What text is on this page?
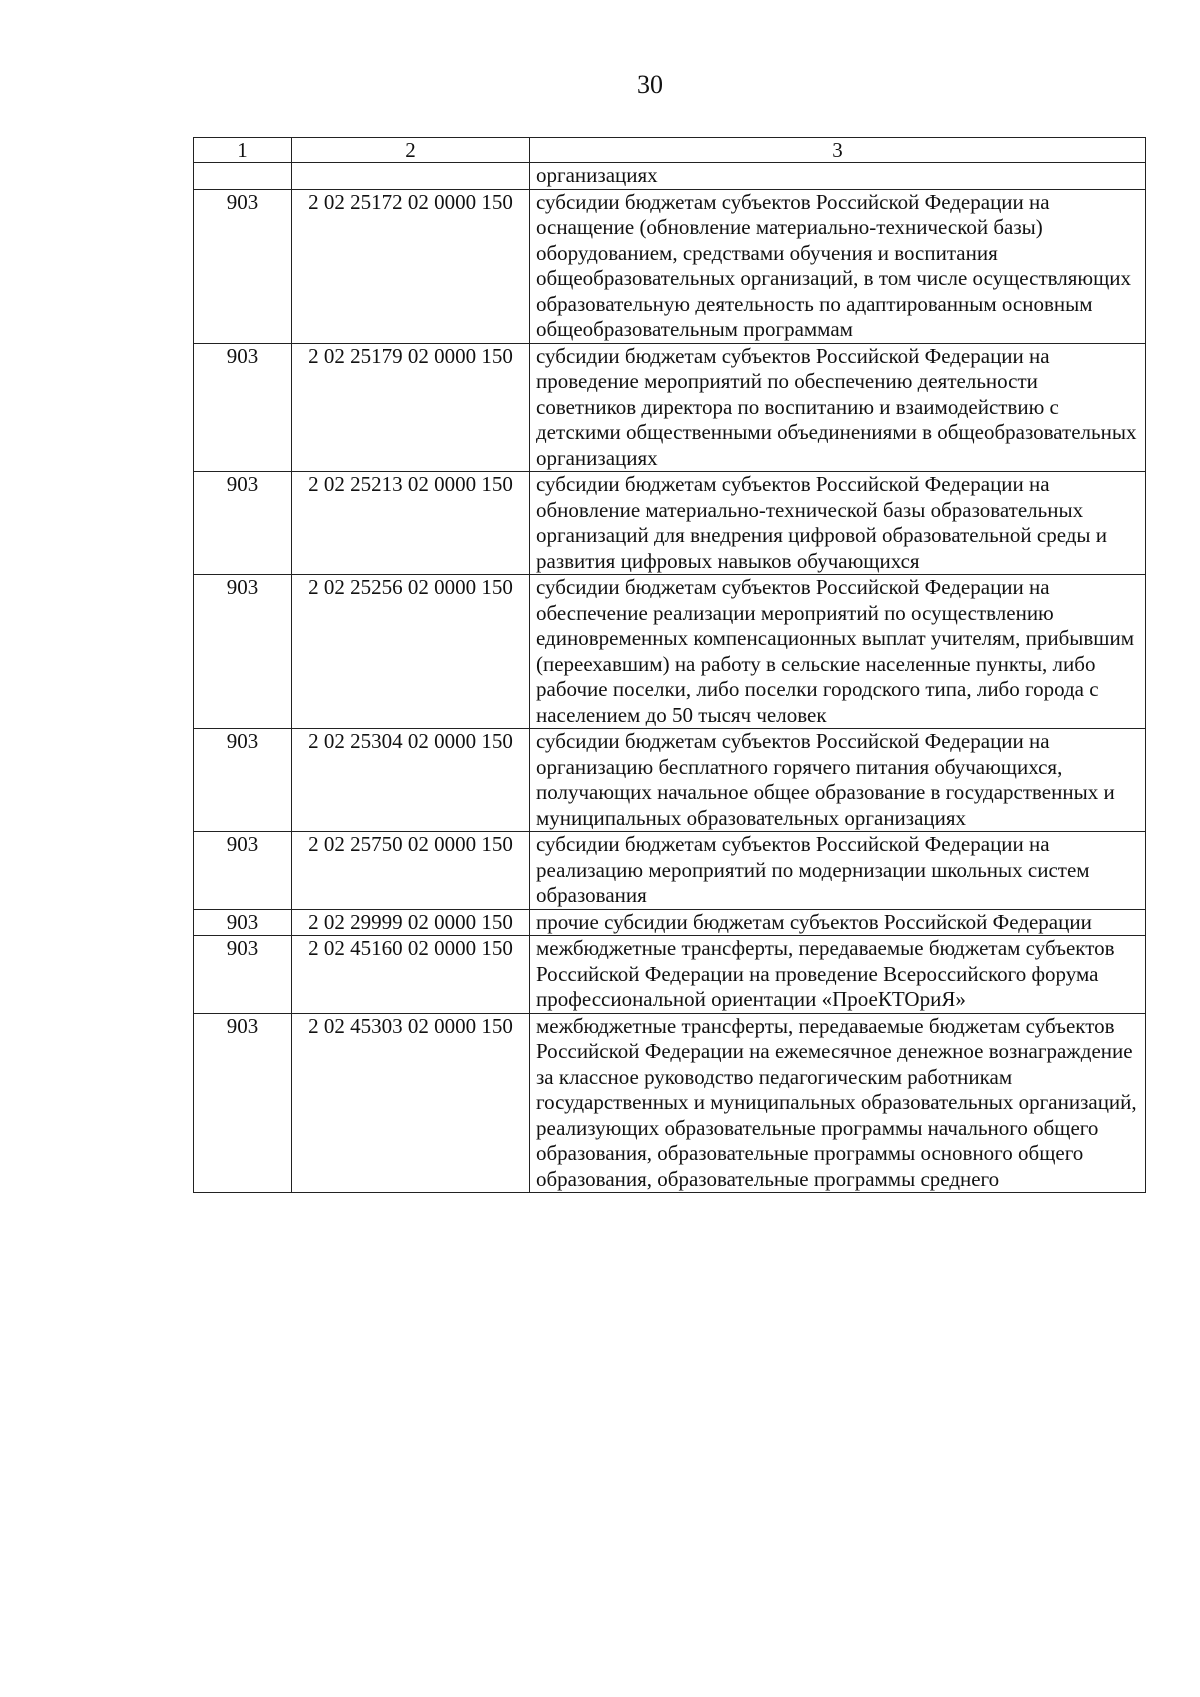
30
1	2	3
		организациях
903	2 02 25172 02 0000 150	субсидии бюджетам субъектов Российской Федерации на оснащение (обновление материально-технической базы) оборудованием, средствами обучения и воспитания общеобразовательных организаций, в том числе осуществляющих образовательную деятельность по адаптированным основным общеобразовательным программам
903	2 02 25179 02 0000 150	субсидии бюджетам субъектов Российской Федерации на проведение мероприятий по обеспечению деятельности советников директора по воспитанию и взаимодействию с детскими общественными объединениями в общеобразовательных организациях
903	2 02 25213 02 0000 150	субсидии бюджетам субъектов Российской Федерации на обновление материально-технической базы образовательных организаций для внедрения цифровой образовательной среды и развития цифровых навыков обучающихся
903	2 02 25256 02 0000 150	субсидии бюджетам субъектов Российской Федерации на обеспечение реализации мероприятий по осуществлению единовременных компенсационных выплат учителям, прибывшим (переехавшим) на работу в сельские населенные пункты, либо рабочие поселки, либо поселки городского типа, либо города с населением до 50 тысяч человек
903	2 02 25304 02 0000 150	субсидии бюджетам субъектов Российской Федерации на организацию бесплатного горячего питания обучающихся, получающих начальное общее образование в государственных и муниципальных образовательных организациях
903	2 02 25750 02 0000 150	субсидии бюджетам субъектов Российской Федерации на реализацию мероприятий по модернизации школьных систем образования
903	2 02 29999 02 0000 150	прочие субсидии бюджетам субъектов Российской Федерации
903	2 02 45160 02 0000 150	межбюджетные трансферты, передаваемые бюджетам субъектов Российской Федерации на проведение Всероссийского форума профессиональной ориентации «ПроеКТОриЯ»
903	2 02 45303 02 0000 150	межбюджетные трансферты, передаваемые бюджетам субъектов Российской Федерации на ежемесячное денежное вознаграждение за классное руководство педагогическим работникам государственных и муниципальных образовательных организаций, реализующих образовательные программы начального общего образования, образовательные программы основного общего образования, образовательные программы среднего
